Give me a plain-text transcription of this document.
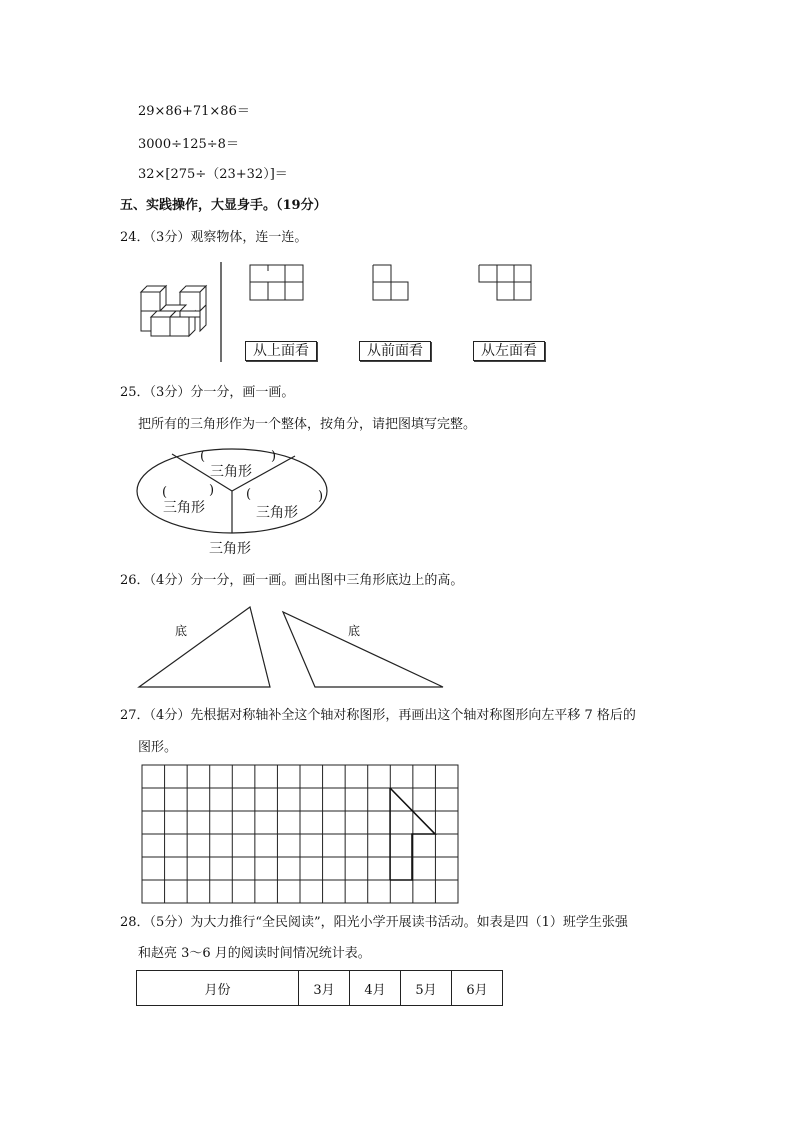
29×86+71×86＝
3000÷125÷8＝
32×[275÷（23+32）]＝
五、实践操作，大显身手。（19分）
24．（3分）观察物体，连一连。
从上面看	从前面看	从左面看
25．（3分）分一分，画一画。
把所有的三角形作为一个整体，按角分，请把图填写完整。
(	)
三角形
(	)
三角形
(	)
三角形
三角形
26．（4分）分一分，画一画。画出图中三角形底边上的高。
底	底
27．（4分）先根据对称轴补全这个轴对称图形，再画出这个轴对称图形向左平移 7 格后的
图形。
28．（5分）为大力推行“全民阅读”，阳光小学开展读书活动。如表是四（1）班学生张强
和赵亮 3～6 月的阅读时间情况统计表。
月份	3月	4月	5月	6月
